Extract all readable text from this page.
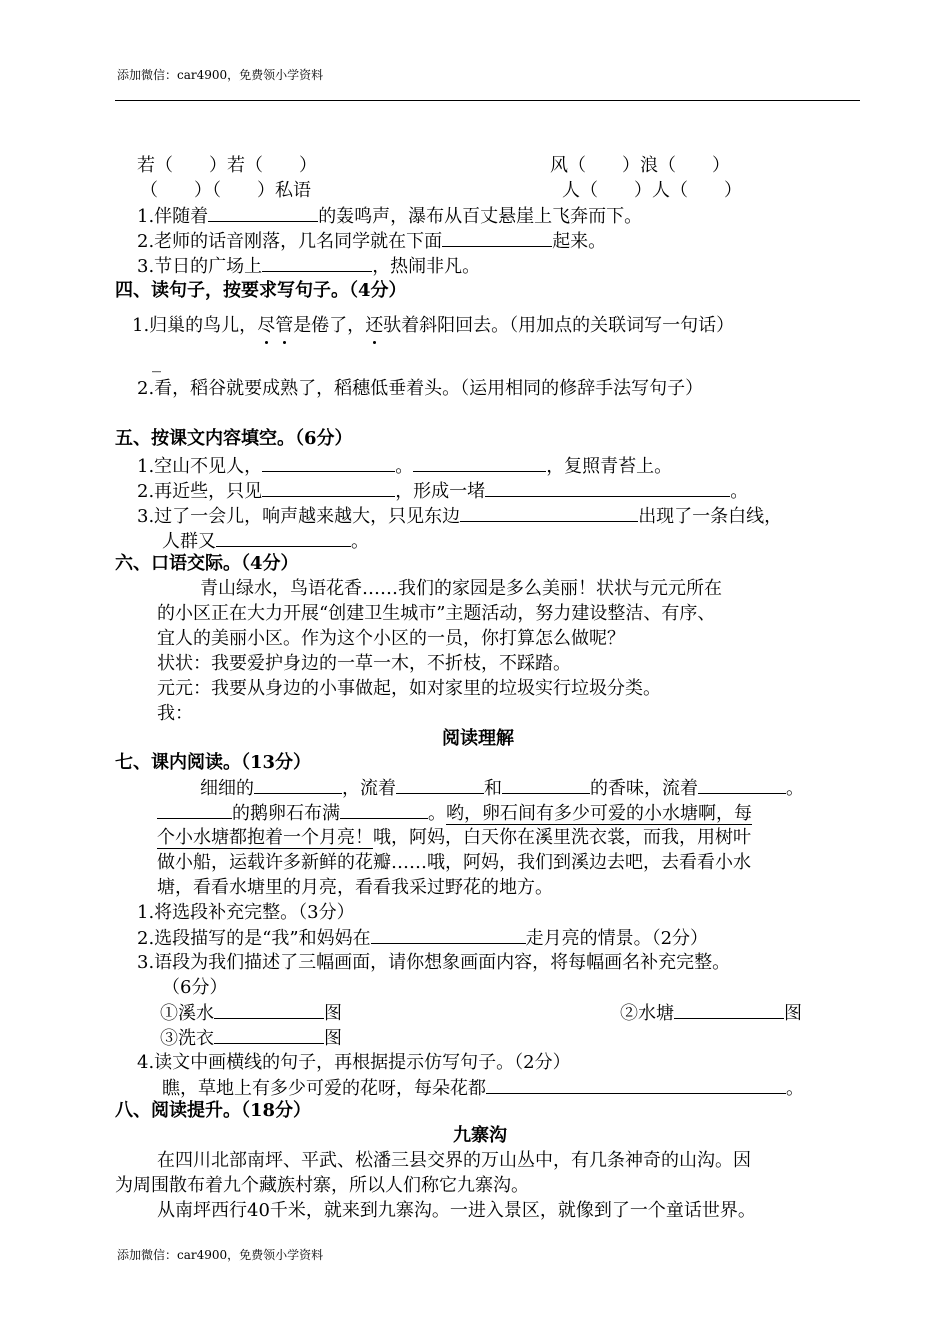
添加微信：car4900，免费领小学资料
若（　　）若（　　）	风（　　）浪（　　）
（　　）（　　）私语	人（　　）人（　　）
1.伴随着	的轰鸣声，瀑布从百丈悬崖上飞奔而下。
2.老师的话音刚落，几名同学就在下面	起来。
3.节日的广场上	，热闹非凡。
四、读句子，按要求写句子。（4分）
1.归巢的鸟儿，尽管是倦了，还驮着斜阳回去。（用加点的关联词写一句话）
_
2.看，稻谷就要成熟了，稻穗低垂着头。（运用相同的修辞手法写句子）
五、按课文内容填空。（6分）
1.空山不见人，	。	，复照青苔上。
2.再近些，只见	，形成一堵	。
3.过了一会儿，响声越来越大，只见东边	出现了一条白线，
人群又	。
六、口语交际。（4分）
青山绿水，鸟语花香……我们的家园是多么美丽！状状与元元所在
的小区正在大力开展“创建卫生城市”主题活动，努力建设整洁、有序、
宜人的美丽小区。作为这个小区的一员，你打算怎么做呢？
状状：我要爱护身边的一草一木，不折枝，不踩踏。
元元：我要从身边的小事做起，如对家里的垃圾实行垃圾分类。
我：
阅读理解
七、课内阅读。（13分）
细细的	，流着	和	的香味，流着	。
的鹅卵石布满	。哟，卵石间有多少可爱的小水塘啊，每
个小水塘都抱着一个月亮！哦，阿妈，白天你在溪里洗衣裳，而我，用树叶
做小船，运载许多新鲜的花瓣……哦，阿妈，我们到溪边去吧，去看看小水
塘，看看水塘里的月亮，看看我采过野花的地方。
1.将选段补充完整。（3分）
2.选段描写的是“我”和妈妈在	走月亮的情景。（2分）
3.语段为我们描述了三幅画面，请你想象画面内容，将每幅画名补充完整。
（6分）
①溪水	图	②水塘	图
③洗衣	图
4.读文中画横线的句子，再根据提示仿写句子。（2分）
瞧，草地上有多少可爱的花呀，每朵花都	。
八、阅读提升。（18分）
九寨沟
在四川北部南坪、平武、松潘三县交界的万山丛中，有几条神奇的山沟。因
为周围散布着九个藏族村寨，所以人们称它九寨沟。
从南坪西行40千米，就来到九寨沟。一进入景区，就像到了一个童话世界。
添加微信：car4900，免费领小学资料
